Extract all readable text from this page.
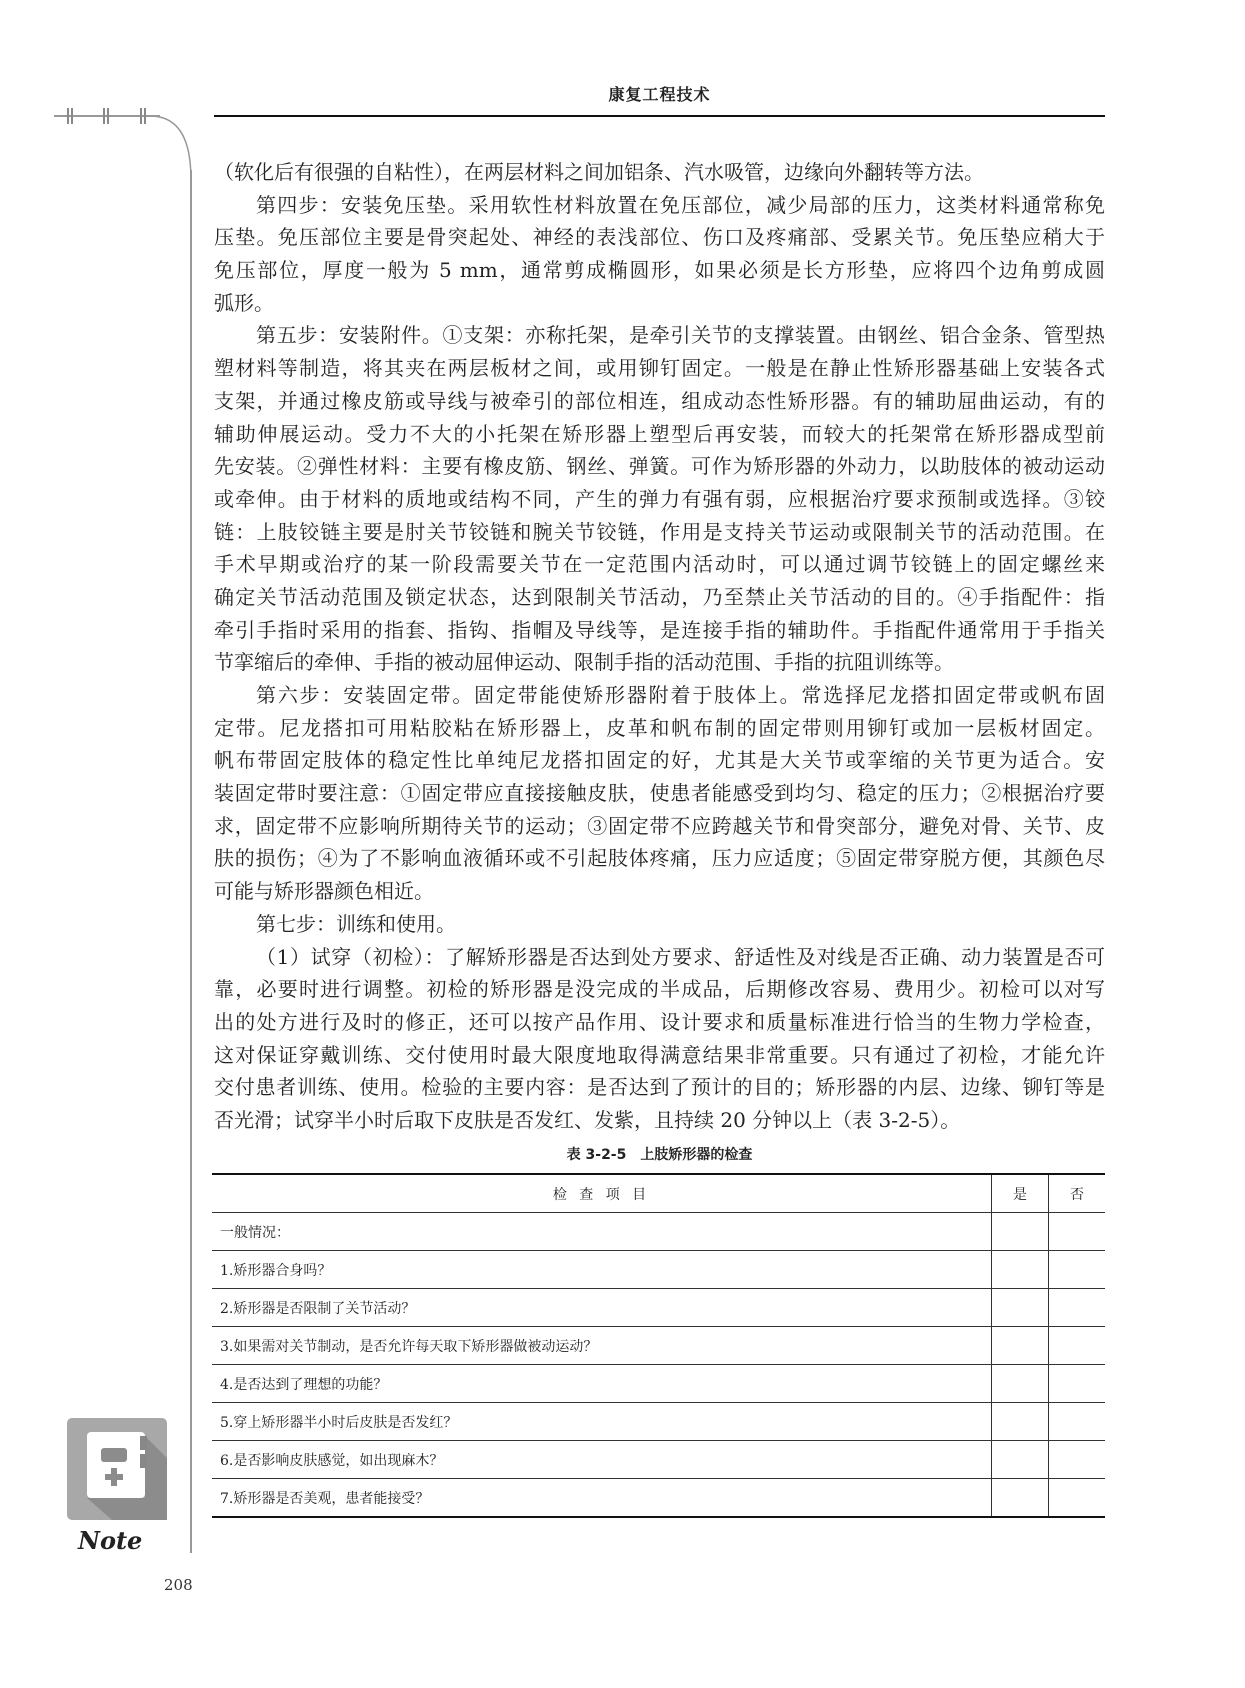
康复工程技术
（软化后有很强的自粘性），在两层材料之间加铝条、汽水吸管，边缘向外翻转等方法。
第四步：安装免压垫。采用软性材料放置在免压部位，减少局部的压力，这类材料通常称免
压垫。免压部位主要是骨突起处、神经的表浅部位、伤口及疼痛部、受累关节。免压垫应稍大于
免压部位，厚度一般为 5 mm，通常剪成椭圆形，如果必须是长方形垫，应将四个边角剪成圆
弧形。
第五步：安装附件。①支架：亦称托架，是牵引关节的支撑装置。由钢丝、铝合金条、管型热
塑材料等制造，将其夹在两层板材之间，或用铆钉固定。一般是在静止性矫形器基础上安装各式
支架，并通过橡皮筋或导线与被牵引的部位相连，组成动态性矫形器。有的辅助屈曲运动，有的
辅助伸展运动。受力不大的小托架在矫形器上塑型后再安装，而较大的托架常在矫形器成型前
先安装。②弹性材料：主要有橡皮筋、钢丝、弹簧。可作为矫形器的外动力，以助肢体的被动运动
或牵伸。由于材料的质地或结构不同，产生的弹力有强有弱，应根据治疗要求预制或选择。③铰
链：上肢铰链主要是肘关节铰链和腕关节铰链，作用是支持关节运动或限制关节的活动范围。在
手术早期或治疗的某一阶段需要关节在一定范围内活动时，可以通过调节铰链上的固定螺丝来
确定关节活动范围及锁定状态，达到限制关节活动，乃至禁止关节活动的目的。④手指配件：指
牵引手指时采用的指套、指钩、指帽及导线等，是连接手指的辅助件。手指配件通常用于手指关
节挛缩后的牵伸、手指的被动屈伸运动、限制手指的活动范围、手指的抗阻训练等。
第六步：安装固定带。固定带能使矫形器附着于肢体上。常选择尼龙搭扣固定带或帆布固
定带。尼龙搭扣可用粘胶粘在矫形器上，皮革和帆布制的固定带则用铆钉或加一层板材固定。
帆布带固定肢体的稳定性比单纯尼龙搭扣固定的好，尤其是大关节或挛缩的关节更为适合。安
装固定带时要注意：①固定带应直接接触皮肤，使患者能感受到均匀、稳定的压力；②根据治疗要
求，固定带不应影响所期待关节的运动；③固定带不应跨越关节和骨突部分，避免对骨、关节、皮
肤的损伤；④为了不影响血液循环或不引起肢体疼痛，压力应适度；⑤固定带穿脱方便，其颜色尽
可能与矫形器颜色相近。
第七步：训练和使用。
（1）试穿（初检）：了解矫形器是否达到处方要求、舒适性及对线是否正确、动力装置是否可
靠，必要时进行调整。初检的矫形器是没完成的半成品，后期修改容易、费用少。初检可以对写
出的处方进行及时的修正，还可以按产品作用、设计要求和质量标准进行恰当的生物力学检查，
这对保证穿戴训练、交付使用时最大限度地取得满意结果非常重要。只有通过了初检，才能允许
交付患者训练、使用。检验的主要内容：是否达到了预计的目的；矫形器的内层、边缘、铆钉等是
否光滑；试穿半小时后取下皮肤是否发红、发紫，且持续 20 分钟以上（表 3-2-5）。
表 3-2-5　上肢矫形器的检查
检 查 项 目	是	否
一般情况：		
1.矫形器合身吗？		
2.矫形器是否限制了关节活动？		
3.如果需对关节制动，是否允许每天取下矫形器做被动运动？		
4.是否达到了理想的功能？		
5.穿上矫形器半小时后皮肤是否发红？		
6.是否影响皮肤感觉，如出现麻木？		
7.矫形器是否美观，患者能接受？		
Note
208
